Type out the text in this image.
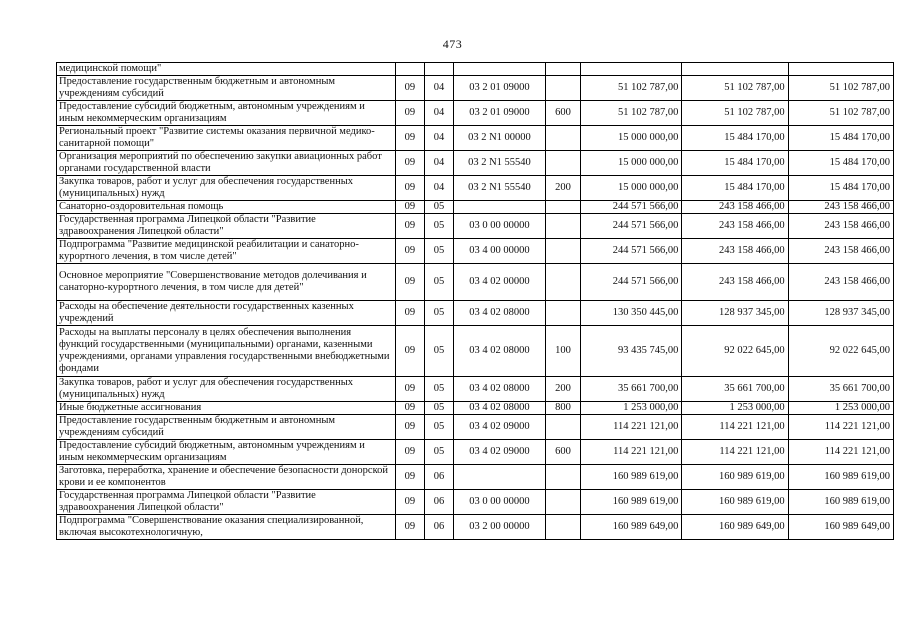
473
медицинской помощи"							
Предоставление государственным бюджетным и автономным учреждениям субсидий	09	04	03 2 01 09000		51 102 787,00	51 102 787,00	51 102 787,00
Предоставление субсидий бюджетным, автономным учреждениям и иным некоммерческим организациям	09	04	03 2 01 09000	600	51 102 787,00	51 102 787,00	51 102 787,00
Региональный проект "Развитие системы оказания первичной медико-санитарной помощи"	09	04	03 2 N1 00000		15 000 000,00	15 484 170,00	15 484 170,00
Организация мероприятий по обеспечению закупки авиационных работ органами государственной власти	09	04	03 2 N1 55540		15 000 000,00	15 484 170,00	15 484 170,00
Закупка товаров, работ и услуг для обеспечения государственных (муниципальных) нужд	09	04	03 2 N1 55540	200	15 000 000,00	15 484 170,00	15 484 170,00
Санаторно-оздоровительная помощь	09	05			244 571 566,00	243 158 466,00	243 158 466,00
Государственная программа Липецкой области "Развитие здравоохранения Липецкой области"	09	05	03 0 00 00000		244 571 566,00	243 158 466,00	243 158 466,00
Подпрограмма "Развитие медицинской реабилитации и санаторно-курортного лечения, в том числе детей"	09	05	03 4 00 00000		244 571 566,00	243 158 466,00	243 158 466,00
Основное мероприятие "Совершенствование методов долечивания и санаторно-курортного лечения, в том числе для детей"	09	05	03 4 02 00000		244 571 566,00	243 158 466,00	243 158 466,00
Расходы на обеспечение деятельности государственных казенных учреждений	09	05	03 4 02 08000		130 350 445,00	128 937 345,00	128 937 345,00
Расходы на выплаты персоналу в целях обеспечения выполнения функций государственными (муниципальными) органами, казенными учреждениями, органами управления государственными внебюджетными фондами	09	05	03 4 02 08000	100	93 435 745,00	92 022 645,00	92 022 645,00
Закупка товаров, работ и услуг для обеспечения государственных (муниципальных) нужд	09	05	03 4 02 08000	200	35 661 700,00	35 661 700,00	35 661 700,00
Иные бюджетные ассигнования	09	05	03 4 02 08000	800	1 253 000,00	1 253 000,00	1 253 000,00
Предоставление государственным бюджетным и автономным учреждениям субсидий	09	05	03 4 02 09000		114 221 121,00	114 221 121,00	114 221 121,00
Предоставление субсидий бюджетным, автономным учреждениям и иным некоммерческим организациям	09	05	03 4 02 09000	600	114 221 121,00	114 221 121,00	114 221 121,00
Заготовка, переработка, хранение и обеспечение безопасности донорской крови и ее компонентов	09	06			160 989 619,00	160 989 619,00	160 989 619,00
Государственная программа Липецкой области "Развитие здравоохранения Липецкой области"	09	06	03 0 00 00000		160 989 619,00	160 989 619,00	160 989 619,00
Подпрограмма "Совершенствование оказания специализированной, включая высокотехнологичную,	09	06	03 2 00 00000		160 989 649,00	160 989 649,00	160 989 649,00
